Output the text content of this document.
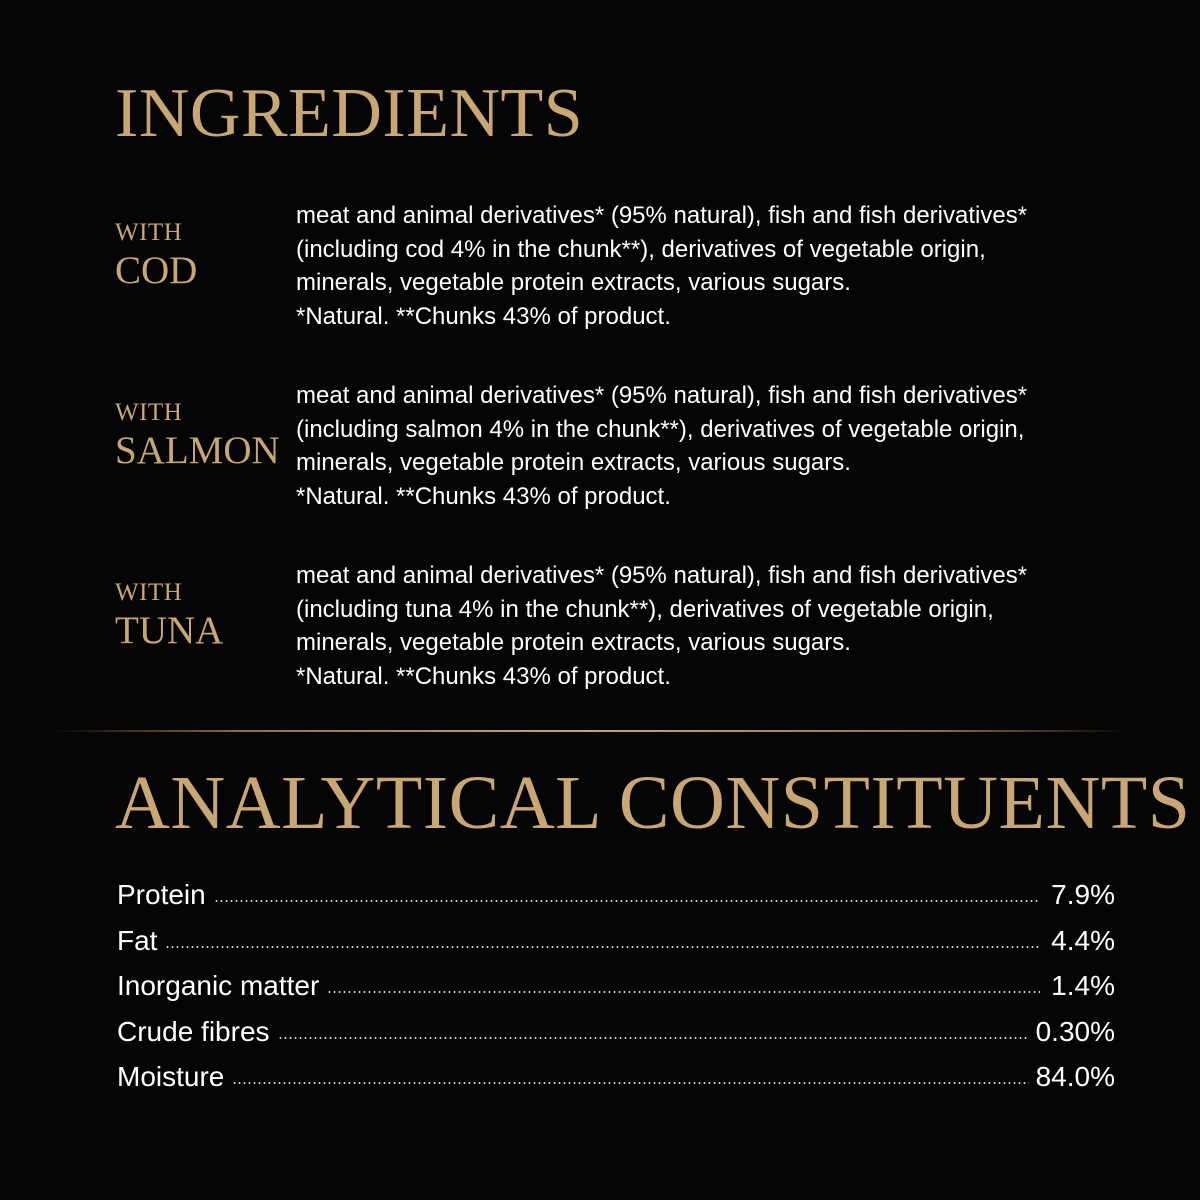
INGREDIENTS
WITH
COD
meat and animal derivatives* (95% natural), fish and fish derivatives*
(including cod 4% in the chunk**), derivatives of vegetable origin,
minerals, vegetable protein extracts, various sugars.
*Natural. **Chunks 43% of product.
WITH
SALMON
meat and animal derivatives* (95% natural), fish and fish derivatives*
(including salmon 4% in the chunk**), derivatives of vegetable origin,
minerals, vegetable protein extracts, various sugars.
*Natural. **Chunks 43% of product.
WITH
TUNA
meat and animal derivatives* (95% natural), fish and fish derivatives*
(including tuna 4% in the chunk**), derivatives of vegetable origin,
minerals, vegetable protein extracts, various sugars.
*Natural. **Chunks 43% of product.
ANALYTICAL CONSTITUENTS
Protein	7.9%
Fat	4.4%
Inorganic matter	1.4%
Crude fibres	0.30%
Moisture	84.0%
